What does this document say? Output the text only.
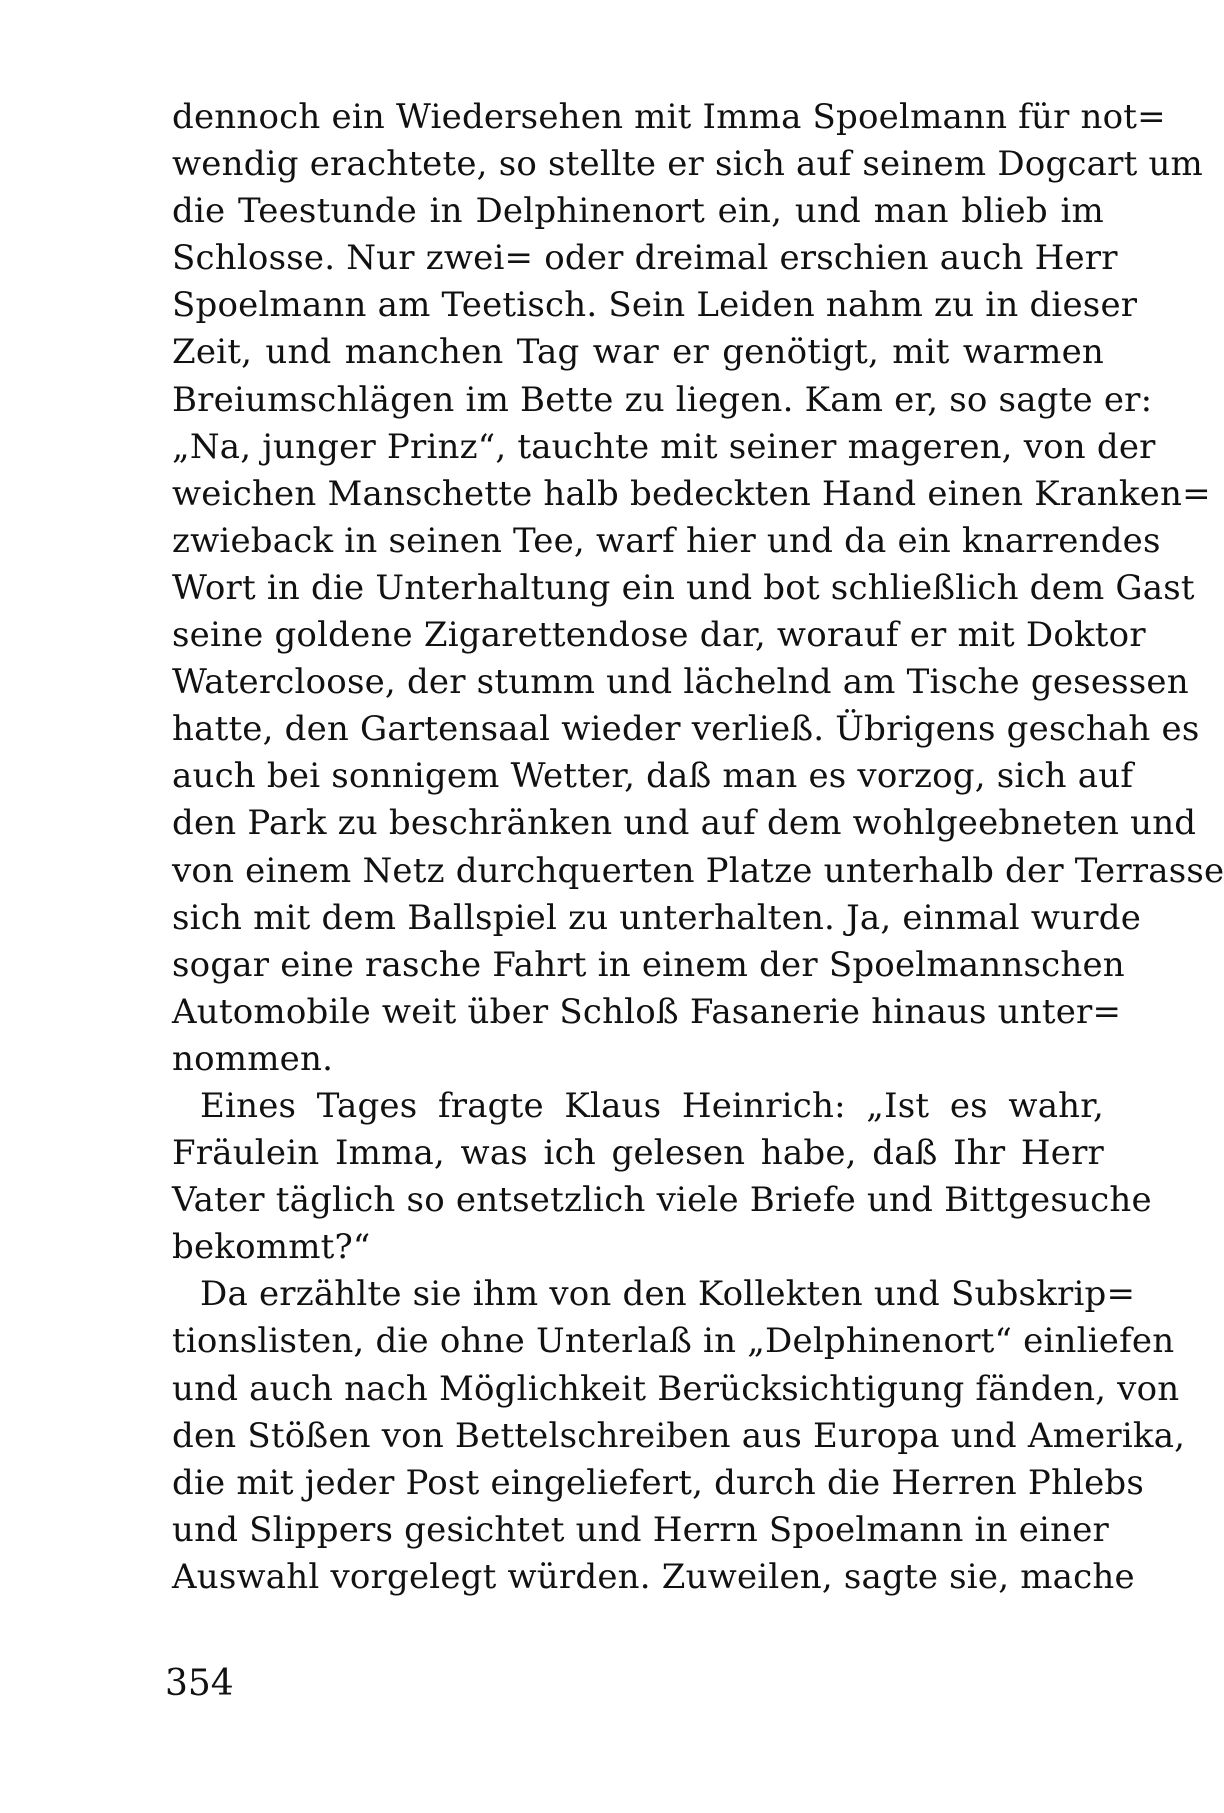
dennoch ein Wiedersehen mit Imma Spoelmann für not=
wendig erachtete, so stellte er sich auf seinem Dogcart um
die Teestunde in Delphinenort ein, und man blieb im
Schlosse. Nur zwei= oder dreimal erschien auch Herr
Spoelmann am Teetisch. Sein Leiden nahm zu in dieser
Zeit, und manchen Tag war er genötigt, mit warmen
Breiumschlägen im Bette zu liegen. Kam er, so sagte er:
„Na, junger Prinz“, tauchte mit seiner mageren, von der
weichen Manschette halb bedeckten Hand einen Kranken=
zwieback in seinen Tee, warf hier und da ein knarrendes
Wort in die Unterhaltung ein und bot schließlich dem Gast
seine goldene Zigarettendose dar, worauf er mit Doktor
Watercloose, der stumm und lächelnd am Tische gesessen
hatte, den Gartensaal wieder verließ. Übrigens geschah es
auch bei sonnigem Wetter, daß man es vorzog, sich auf
den Park zu beschränken und auf dem wohlgeebneten und
von einem Netz durchquerten Platze unterhalb der Terrasse
sich mit dem Ballspiel zu unterhalten. Ja, einmal wurde
sogar eine rasche Fahrt in einem der Spoelmannschen
Automobile weit über Schloß Fasanerie hinaus unter=
nommen.
Eines Tages fragte Klaus Heinrich: „Ist es wahr,
Fräulein Imma, was ich gelesen habe, daß Ihr Herr
Vater täglich so entsetzlich viele Briefe und Bittgesuche
bekommt?“
Da erzählte sie ihm von den Kollekten und Subskrip=
tionslisten, die ohne Unterlaß in „Delphinenort“ einliefen
und auch nach Möglichkeit Berücksichtigung fänden, von
den Stößen von Bettelschreiben aus Europa und Amerika,
die mit jeder Post eingeliefert, durch die Herren Phlebs
und Slippers gesichtet und Herrn Spoelmann in einer
Auswahl vorgelegt würden. Zuweilen, sagte sie, mache
354
